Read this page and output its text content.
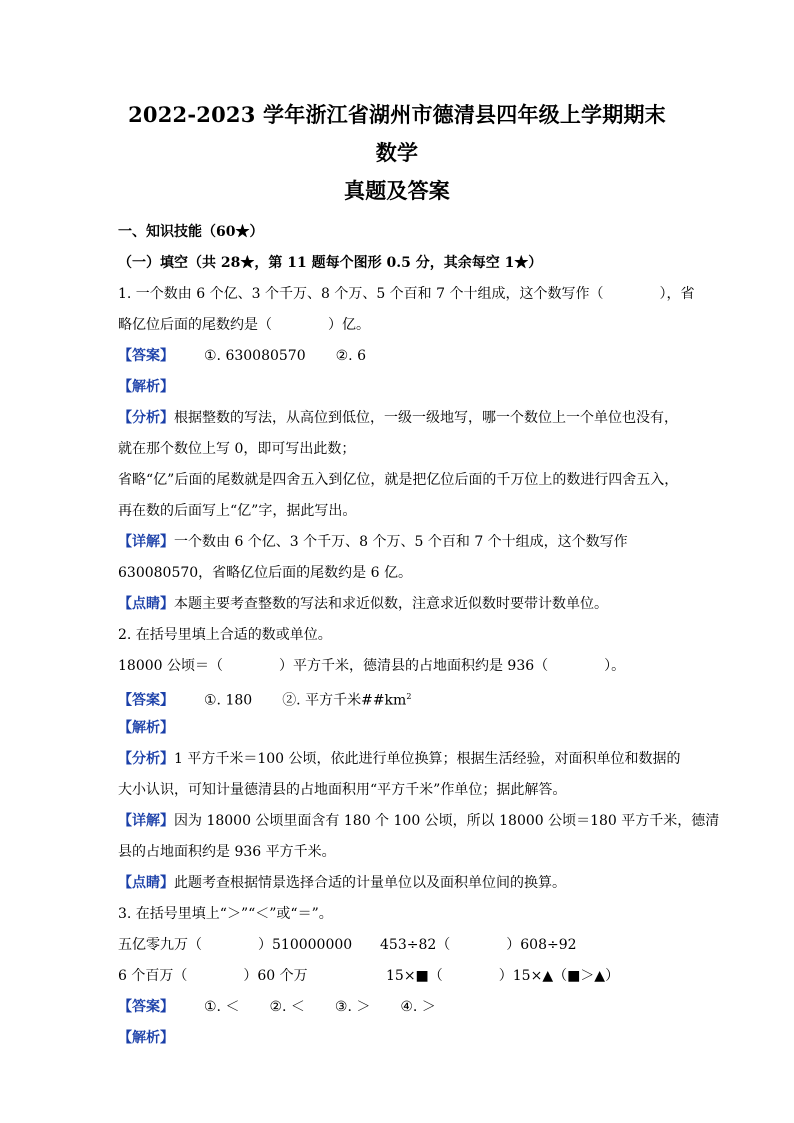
2022-2023 学年浙江省湖州市德清县四年级上学期期末数学
真题及答案
一、知识技能（60★）
（一）填空（共 28★，第 11 题每个图形 0.5 分，其余每空 1★）
1. 一个数由 6 个亿、3 个千万、8 个万、5 个百和 7 个十组成，这个数写作（　　　　），省
略亿位后面的尾数约是（　　　　）亿。
【答案】 ①. 630080570 ②. 6
【解析】
【分析】根据整数的写法，从高位到低位，一级一级地写，哪一个数位上一个单位也没有，
就在那个数位上写 0，即可写出此数；
省略“亿”后面的尾数就是四舍五入到亿位，就是把亿位后面的千万位上的数进行四舍五入，
再在数的后面写上“亿”字，据此写出。
【详解】一个数由 6 个亿、3 个千万、8 个万、5 个百和 7 个十组成，这个数写作
630080570，省略亿位后面的尾数约是 6 亿。
【点睛】本题主要考查整数的写法和求近似数，注意求近似数时要带计数单位。
2. 在括号里填上合适的数或单位。
18000 公顷＝（　　　　）平方千米，德清县的占地面积约是 936（　　　　）。
【答案】 ①. 180 ②. 平方千米$\#\#km^2$
【解析】
【分析】1 平方千米＝100 公顷，依此进行单位换算；根据生活经验，对面积单位和数据的
大小认识，可知计量德清县的占地面积用“平方千米”作单位；据此解答。
【详解】因为 18000 公顷里面含有 180 个 100 公顷，所以 18000 公顷＝180 平方千米，德清
县的占地面积约是 936 平方千米。
【点睛】此题考查根据情景选择合适的计量单位以及面积单位间的换算。
3. 在括号里填上“＞”“＜”或“＝”。
五亿零九万（　　　　）510000000 453÷82（　　　　）608÷92
6 个百万（　　　　）60 个万	15×■（　　　　）15×▲（■＞▲）
【答案】 ①. ＜ ②. ＜ ③. ＞ ④. ＞
【解析】
